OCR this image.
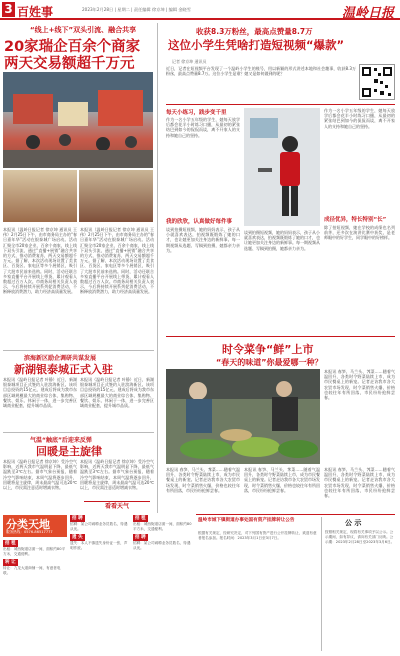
3 百姓事	2023年2月28日 | 星期二 | 责任编辑 徐京坤 | 编辑 金晓雪	温岭日报
“线上+线下”双头引流、融合共享
20家瑞企百余个商家
两天交易额超千万元
本报讯（温岭日报记者 徐京坤 通讯员 王伟）2月25日下午，由市商务局主办的“春日嘉年华”活动在银泰城广场启动。活动汇聚全市20家企业，百余个商家，线上线下双头引流，通过“直播+展销”融合共享的方式，推动消费复苏，两天交易额超千万元。据了解，本次活动现场设置了美食区、百货区、家电区等多个展销区，吸引了大批市民前来选购。同时，活动还联合多家直播平台开展线上带货，累计观看人数超过百万人次。市商务局相关负责人表示，今后将持续开展系列促消费活动，不断释放消费潜力，助力经济高质量发展。
本报讯（温岭日报记者 徐京坤 通讯员 王伟）2月25日下午，由市商务局主办的“春日嘉年华”活动在银泰城广场启动。活动汇聚全市20家企业，百余个商家，线上线下双头引流，通过“直播+展销”融合共享的方式，推动消费复苏，两天交易额超千万元。据了解，本次活动现场设置了美食区、百货区、家电区等多个展销区，吸引了大批市民前来选购。同时，活动还联合多家直播平台开展线上带货，累计观看人数超过百万人次。市商务局相关负责人表示，今后将持续开展系列促消费活动，不断释放消费潜力，助力经济高质量发展。
滨海新区励企调研共谋发展
新湖银泰城正式入驻
本报讯（温岭日报记者 叶静）近日，新湖银泰城项目正式签约入驻滨海新区。该项目总投资约15亿元，建成后将成为我市东部区域规模最大的商业综合体，集购物、餐饮、娱乐、休闲于一体，进一步完善区域商业配套，提升城市品质。
本报讯（温岭日报记者 叶静）近日，新湖银泰城项目正式签约入驻滨海新区。该项目总投资约15亿元，建成后将成为我市东部区域规模最大的商业综合体，集购物、餐饮、娱乐、休闲于一体，进一步完善区域商业配套，提升城市品质。
气温“触底”后迎来反弹
回暖是主旋律
本报讯（温岭日报记者 徐京坤）受冷空气影响，近两天我市气温明显下降，最低气温跌至3℃左右。据市气象台预报，随着冷空气影响结束，本周气温将逐步回升，回暖将是主旋律，周末最高气温可达20℃以上，市民需注意适时增减衣物。
本报讯（温岭日报记者 徐京坤）受冷空气影响，近两天我市气温明显下降，最低气温跌至3℃左右。据市气象台预报，随着冷空气影响结束，本周气温将逐步回升，回暖将是主旋律，周末最高气温可达20℃以上，市民需注意适时增减衣物。
看看天气
分类天地
服务热线：0576-86517777
招 租
出租：城西街道店面一间，面积约80平方米，交通便利。
转 让
转让：九龙大道商铺一间，有意者电联。
招 聘
招聘：某公司诚聘业务员数名，待遇从优。
遗 失
遗失：本人不慎遗失身份证一张，声明作废。
招 租
出租：城西街道店面一间，面积约80平方米，交通便利。
招 聘
招聘：某公司诚聘业务员数名，待遇从优。
收获8.3万粉丝，最高点赞量8.7万
这位小学生凭啥打造短视频“爆款”
记者 徐京坤 通讯员
近日，记者在短视频平台发现了一个温岭小学生的账号，用以新颖的形式讲述本地和社会趣事，收获8.3万粉丝，最高点赞量8.7万。这位小学生是谁？她又是如何做到的呢？
每天小练习，践步变千里
作为一名小学五年级的学生，她每天放学后都会花半小时练习口播，从最初的紧张结巴到如今的侃侃而谈，离不开家人的支持和她自己的坚持。
作为一名小学五年级的学生，她每天放学后都会花半小时练习口播，从最初的紧张结巴到如今的侃侃而谈，离不开家人的支持和她自己的坚持。
我的欣欣，认真做好每件事
谈到拍摄短视频，她的妈妈表示，孩子从小就喜欢表达，拍视频既锻炼了她的口才，也让她更加关注身边的新鲜事。每一期视频从选题、写稿到拍摄，她都亲力亲为。
谈到拍摄短视频，她的妈妈表示，孩子从小就喜欢表达，拍视频既锻炼了她的口才，也让她更加关注身边的新鲜事。每一期视频从选题、写稿到拍摄，她都亲力亲为。
成径优异，特长特别“长”
除了拍短视频，她在学校的成绩也名列前茅，还多次在演讲比赛中获奖，是老师眼中的好学生，同学眼中的好榜样。
时令菜争“鲜”上市
“春天的味道”你最爱哪一种？
本报讯 春笋、马兰头、荠菜……随着气温回升，各类时令野菜陆续上市，成为市民餐桌上的新宠。记者走访我市各大农贸市场发现，时令菜销售火爆，价格也较往年有所回落，市民纷纷抢鲜尝春。
本报讯 春笋、马兰头、荠菜……随着气温回升，各类时令野菜陆续上市，成为市民餐桌上的新宠。记者走访我市各大农贸市场发现，时令菜销售火爆，价格也较往年有所回落，市民纷纷抢鲜尝春。
本报讯 春笋、马兰头、荠菜……随着气温回升，各类时令野菜陆续上市，成为市民餐桌上的新宠。记者走访我市各大农贸市场发现，时令菜销售火爆，价格也较往年有所回落，市民纷纷抢鲜尝春。
本报讯 春笋、马兰头、荠菜……随着气温回升，各类时令野菜陆续上市，成为市民餐桌上的新宠。记者走访我市各大农贸市场发现，时令菜销售火爆，价格也较往年有所回落，市民纷纷抢鲜尝春。
温岭市城下镇街道办事处国有资产挂牌转让公告
根据有关规定，经研究决定，对下列国有资产进行公开挂牌转让，欢迎有意者报名参加。报名时间：2023年3月1日至3月7日。
公 示
按照相关规定，现将有关事项予以公示。公示期间，如有异议，请向有关部门反映。公示期：2023年2月28日至2023年3月6日。
